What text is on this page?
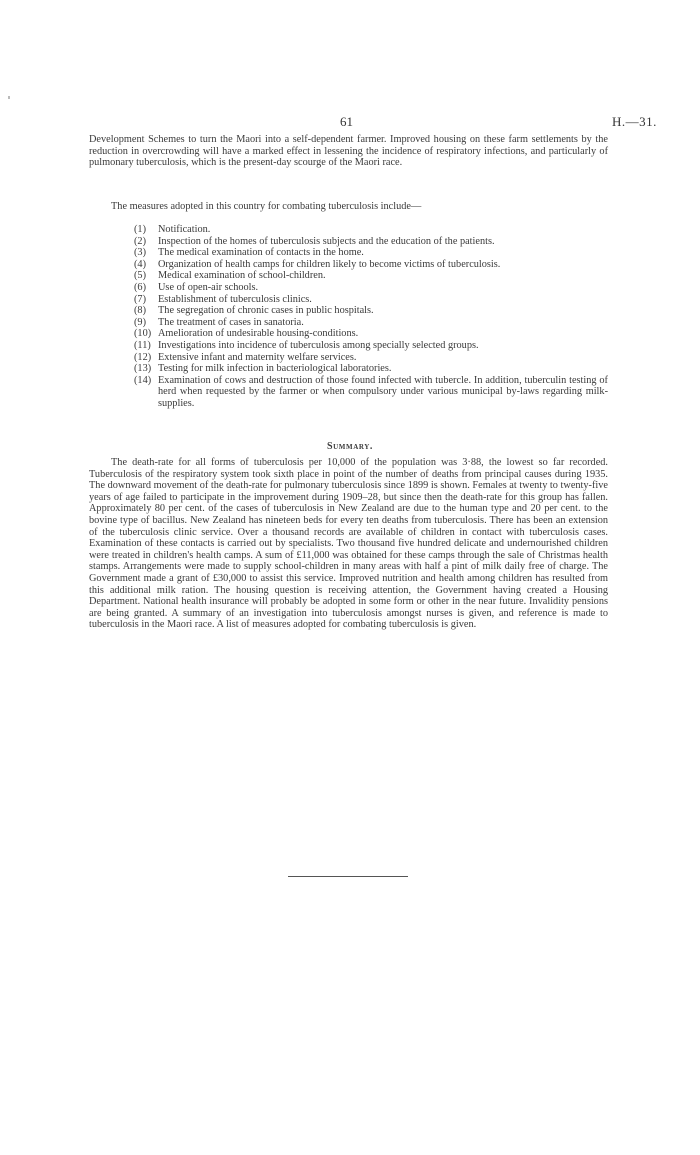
61	H.—31.

Development Schemes to turn the Maori into a self-dependent farmer. Improved housing on these farm settlements by the reduction in overcrowding will have a marked effect in lessening the incidence of respiratory infections, and particularly of pulmonary tuberculosis, which is the present-day scourge of the Maori race.

The measures adopted in this country for combating tuberculosis include—

(1)	Notification.
(2)	Inspection of the homes of tuberculosis subjects and the education of the patients.
(3)	The medical examination of contacts in the home.
(4)	Organization of health camps for children likely to become victims of tuberculosis.
(5)	Medical examination of school-children.
(6)	Use of open-air schools.
(7)	Establishment of tuberculosis clinics.
(8)	The segregation of chronic cases in public hospitals.
(9)	The treatment of cases in sanatoria.
(10) Amelioration of undesirable housing-conditions.
(11) Investigations into incidence of tuberculosis among specially selected groups.
(12) Extensive infant and maternity welfare services.
(13) Testing for milk infection in bacteriological laboratories.
(14) Examination of cows and destruction of those found infected with tubercle. In addition, tuberculin testing of herd when requested by the farmer or when compulsory under various municipal by-laws regarding milk-supplies.
Summary.

The death-rate for all forms of tuberculosis per 10,000 of the population was 3·88, the lowest so far recorded. Tuberculosis of the respiratory system took sixth place in point of the number of deaths from principal causes during 1935. The downward movement of the death-rate for pulmonary tuberculosis since 1899 is shown. Females at twenty to twenty-five years of age failed to participate in the improvement during 1909–28, but since then the death-rate for this group has fallen. Approximately 80 per cent. of the cases of tuberculosis in New Zealand are due to the human type and 20 per cent. to the bovine type of bacillus. New Zealand has nineteen beds for every ten deaths from tuberculosis. There has been an extension of the tuberculosis clinic service. Over a thousand records are available of children in contact with tuberculosis cases. Examination of these contacts is carried out by specialists. Two thousand five hundred delicate and undernourished children were treated in children's health camps. A sum of £11,000 was obtained for these camps through the sale of Christmas health stamps. Arrangements were made to supply school-children in many areas with half a pint of milk daily free of charge. The Government made a grant of £30,000 to assist this service. Improved nutrition and health among children has resulted from this additional milk ration. The housing question is receiving attention, the Government having created a Housing Department. National health insurance will probably be adopted in some form or other in the near future. Invalidity pensions are being granted. A summary of an investigation into tuberculosis amongst nurses is given, and reference is made to tuberculosis in the Maori race. A list of measures adopted for combating tuberculosis is given.
